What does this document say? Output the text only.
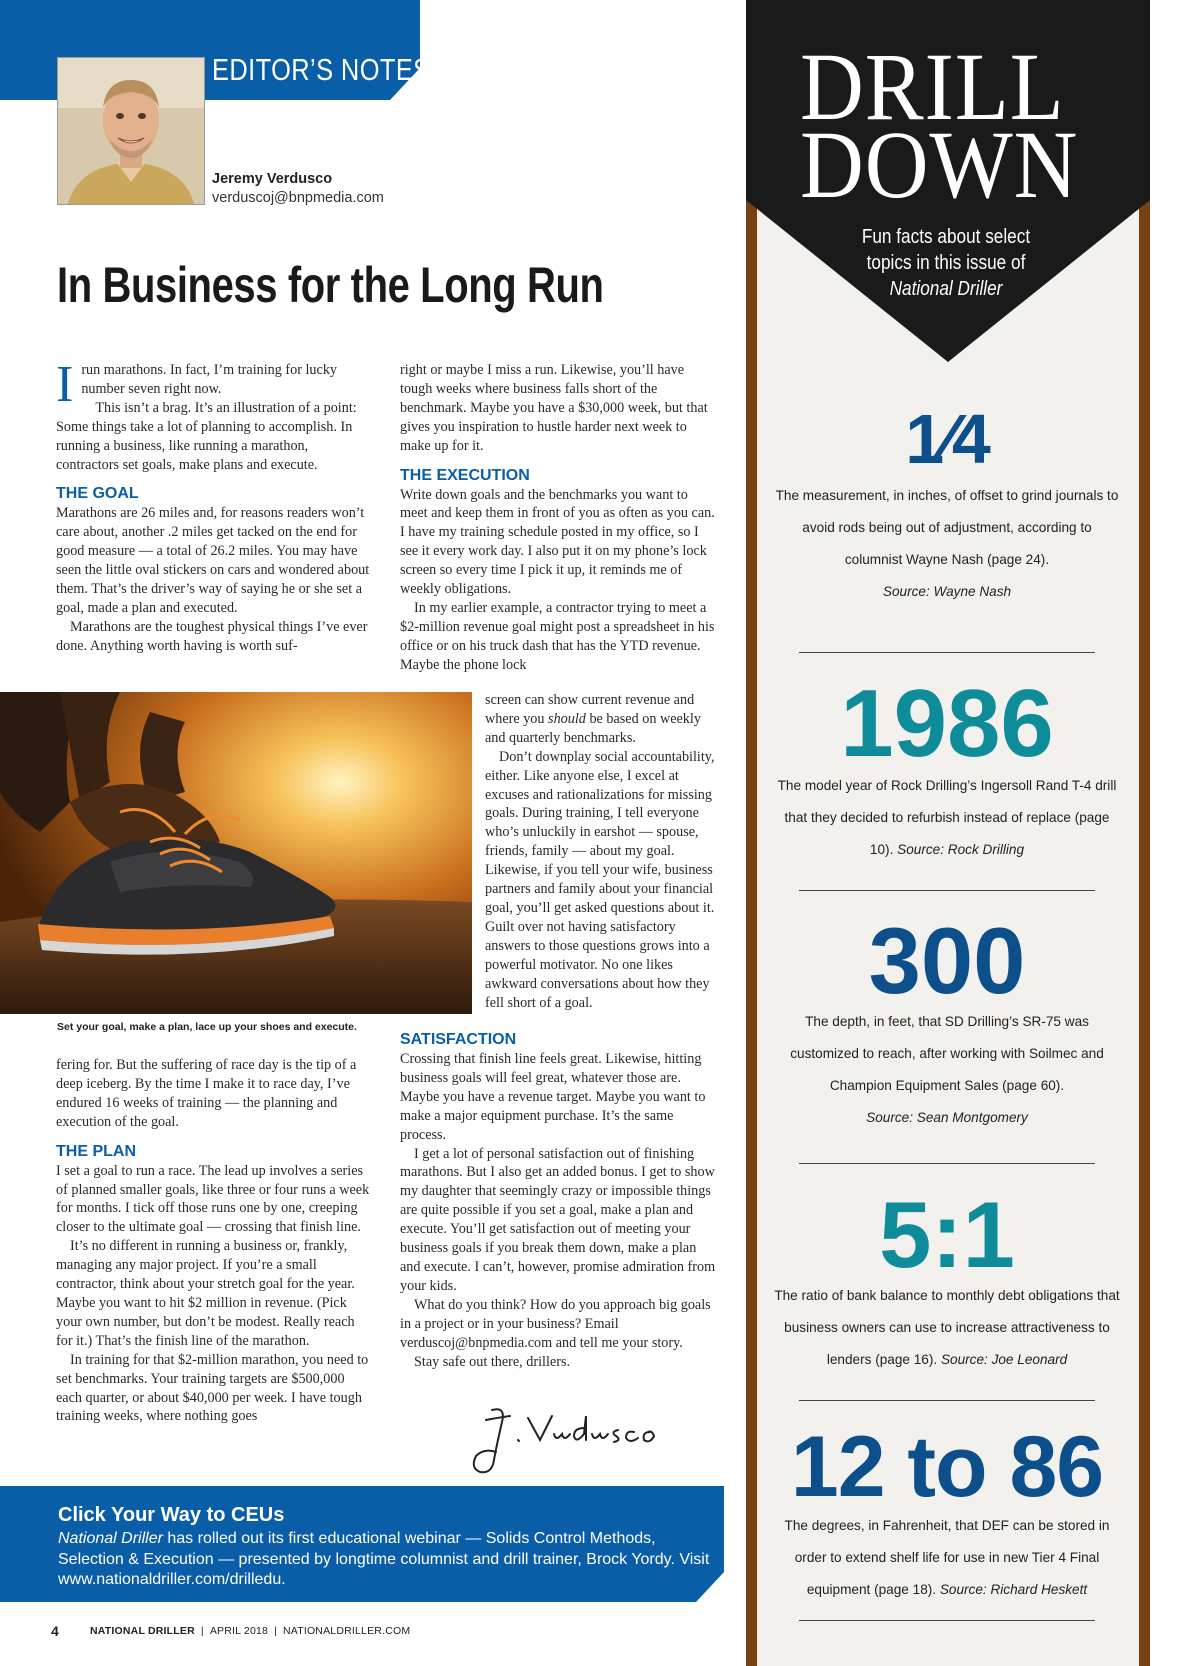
EDITOR’S NOTES
Jeremy Verdusco
verduscoj@bnpmedia.com
In Business for the Long Run

Irun marathons. In fact, I’m training for lucky number seven right now.

This isn’t a brag. It’s an illustration of a point: Some things take a lot of planning to accomplish. In running a business, like running a marathon, contractors set goals, make plans and execute.

THE GOAL

Marathons are 26 miles and, for reasons readers won’t care about, another .2 miles get tacked on the end for good measure — a total of 26.2 miles. You may have seen the little oval stickers on cars and wondered about them. That’s the driver’s way of saying he or she set a goal, made a plan and executed.

Marathons are the toughest physical things I’ve ever done. Anything worth having is worth suf-

Set your goal, make a plan, lace up your shoes and execute.

fering for. But the suffering of race day is the tip of a deep iceberg. By the time I make it to race day, I’ve endured 16 weeks of training — the planning and execution of the goal.

THE PLAN

I set a goal to run a race. The lead up involves a series of planned smaller goals, like three or four runs a week for months. I tick off those runs one by one, creeping closer to the ultimate goal — crossing that finish line.

It’s no different in running a business or, frankly, managing any major project. If you’re a small contractor, think about your stretch goal for the year. Maybe you want to hit $2 million in revenue. (Pick your own number, but don’t be modest. Really reach for it.) That’s the finish line of the marathon.

In training for that $2-million marathon, you need to set benchmarks. Your training targets are $500,000 each quarter, or about $40,000 per week. I have tough training weeks, where nothing goes

right or maybe I miss a run. Likewise, you’ll have tough weeks where business falls short of the benchmark. Maybe you have a $30,000 week, but that gives you inspiration to hustle harder next week to make up for it.

THE EXECUTION

Write down goals and the benchmarks you want to meet and keep them in front of you as often as you can. I have my training schedule posted in my office, so I see it every work day. I also put it on my phone’s lock screen so every time I pick it up, it reminds me of weekly obligations.

In my earlier example, a contractor trying to meet a $2-million revenue goal might post a spreadsheet in his office or on his truck dash that has the YTD revenue. Maybe the phone lock

screen can show current revenue and where you should be based on weekly and quarterly benchmarks.

Don’t downplay social accountability, either. Like anyone else, I excel at excuses and rationalizations for missing goals. During training, I tell everyone who’s unluckily in earshot — spouse, friends, family — about my goal. Likewise, if you tell your wife, business partners and family about your financial goal, you’ll get asked questions about it. Guilt over not having satisfactory answers to those questions grows into a powerful motivator. No one likes awkward conversations about how they fell short of a goal.

SATISFACTION

Crossing that finish line feels great. Likewise, hitting business goals will feel great, whatever those are. Maybe you have a revenue target. Maybe you want to make a major equipment purchase. It’s the same process.

I get a lot of personal satisfaction out of finishing marathons. But I also get an added bonus. I get to show my daughter that seemingly crazy or impossible things are quite possible if you set a goal, make a plan and execute. You’ll get satisfaction out of meeting your business goals if you break them down, make a plan and execute. I can’t, however, promise admiration from your kids.

What do you think? How do you approach big goals in a project or in your business? Email verduscoj@bnpmedia.com and tell me your story.

Stay safe out there, drillers.

Click Your Way to CEUs
National Driller has rolled out its first educational webinar — Solids Control Methods, Selection & Execution — presented by longtime columnist and drill trainer, Brock Yordy. Visit www.nationaldriller.com/drilledu.
4	NATIONAL DRILLER | APRIL 2018 | NATIONALDRILLER.COM
DRILL
DOWN
Fun facts about select
topics in this issue of
National Driller
1⁄4
The measurement, in inches, of offset to grind journals to avoid rods being out of adjustment, according to columnist Wayne Nash (page 24).
Source: Wayne Nash
1986
The model year of Rock Drilling’s Ingersoll Rand T-4 drill that they decided to refurbish instead of replace (page 10). Source: Rock Drilling
300
The depth, in feet, that SD Drilling’s SR-75 was customized to reach, after working with Soilmec and Champion Equipment Sales (page 60).
Source: Sean Montgomery
5:1
The ratio of bank balance to monthly debt obligations that business owners can use to increase attractiveness to lenders (page 16). Source: Joe Leonard
12 to 86
The degrees, in Fahrenheit, that DEF can be stored in order to extend shelf life for use in new Tier 4 Final equipment (page 18). Source: Richard Heskett
